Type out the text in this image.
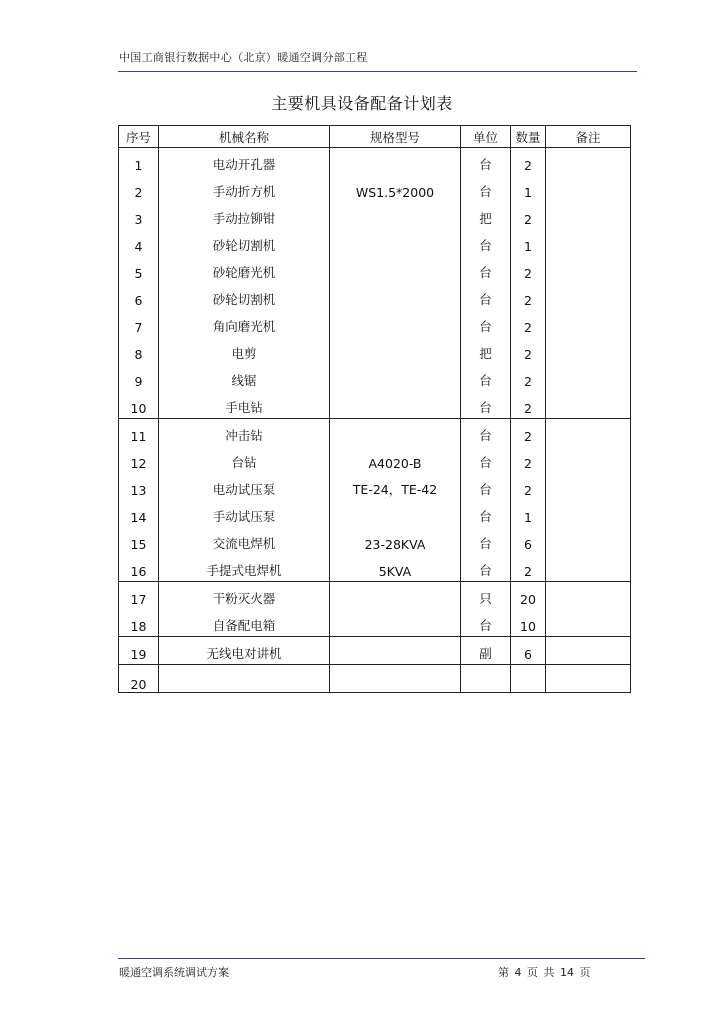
中国工商银行数据中心（北京）暖通空调分部工程
主要机具设备配备计划表
序号	机械名称	规格型号	单位	数量	备注
1	电动开孔器		台	2	
2	手动折方机	WS1.5*2000	台	1	
3	手动拉铆钳		把	2	
4	砂轮切割机		台	1	
5	砂轮磨光机		台	2	
6	砂轮切割机		台	2	
7	角向磨光机		台	2	
8	电剪		把	2	
9	线锯		台	2	
10	手电钻		台	2	
11	冲击钻		台	2	
12	台钻	A4020-B	台	2	
13	电动试压泵	TE-24，TE-42	台	2	
14	手动试压泵		台	1	
15	交流电焊机	23-28KVA	台	6	
16	手提式电焊机	5KVA	台	2	
17	干粉灭火器		只	20	
18	自备配电箱		台	10	
19	无线电对讲机		副	6	
20					
暖通空调系统调试方案	第 4 页 共 14 页
